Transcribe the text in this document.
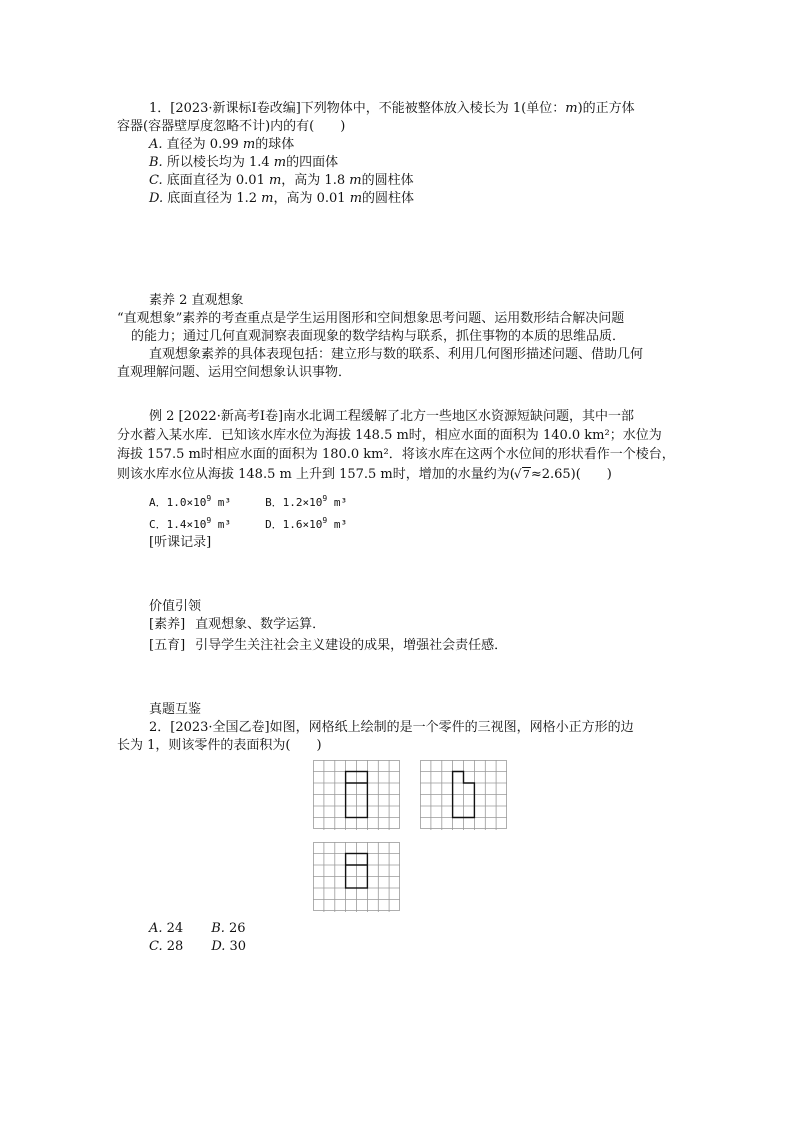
1．[2023·新课标Ⅰ卷改编]下列物体中，不能被整体放入棱长为 1(单位：m)的正方体
容器(容器壁厚度忽略不计)内的有(　　)
A. 直径为 0.99 m的球体
B. 所以棱长均为 1.4 m的四面体
C. 底面直径为 0.01 m，高为 1.8 m的圆柱体
D. 底面直径为 1.2 m，高为 0.01 m的圆柱体
素养 2 直观想象
“直观想象”素养的考查重点是学生运用图形和空间想象思考问题、运用数形结合解决问题
的能力；通过几何直观洞察表面现象的数学结构与联系，抓住事物的本质的思维品质．
直观想象素养的具体表现包括：建立形与数的联系、利用几何图形描述问题、借助几何
直观理解问题、运用空间想象认识事物．
例 2 [2022·新高考Ⅰ卷]南水北调工程缓解了北方一些地区水资源短缺问题，其中一部
分水蓄入某水库．已知该水库水位为海拔 148.5 m时，相应水面的面积为 140.0 km²；水位为
海拔 157.5 m时相应水面的面积为 180.0 km²．将该水库在这两个水位间的形状看作一个棱台，
则该水库水位从海拔 148.5 m 上升到 157.5 m时，增加的水量约为(√ 7≈2.65)(　　)
A．$1.0\times 10^9$ m³	B．$1.2\times 10^9$ m³
C．$1.4\times 10^9$ m³	D．$1.6\times 10^9$ m³
[听课记录]
价值引领
[素养] 直观想象、数学运算．
[五育] 引导学生关注社会主义建设的成果，增强社会责任感．
真题互鉴
2．[2023·全国乙卷]如图，网格纸上绘制的是一个零件的三视图，网格小正方形的边
长为 1，则该零件的表面积为(　　)
A. 24 B. 26
C. 28 D. 30
